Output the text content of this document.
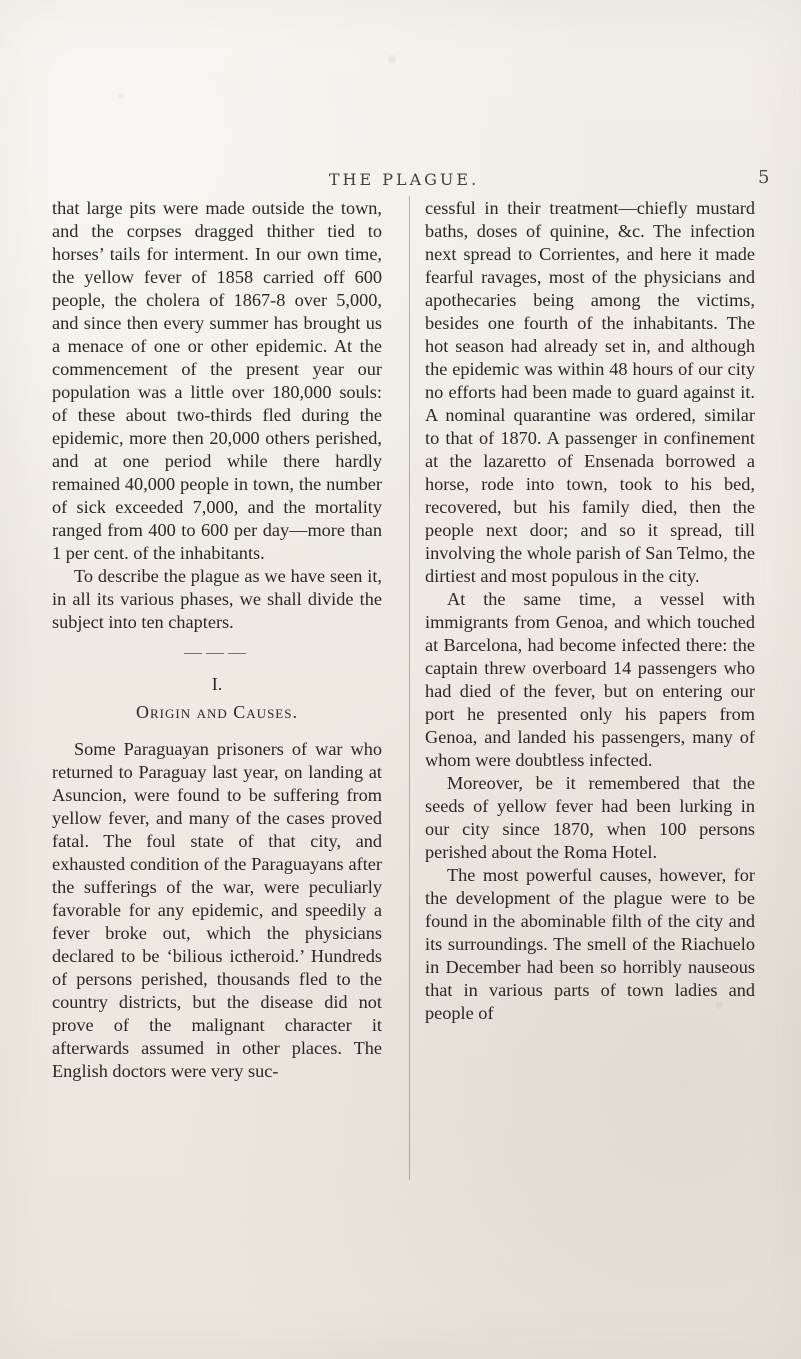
THE PLAGUE.	5

that large pits were made outside the town, and the corpses dragged thither tied to horses’ tails for interment. In our own time, the yellow fever of 1858 carried off 600 people, the cholera of 1867-8 over 5,000, and since then every summer has brought us a menace of one or other epidemic. At the commencement of the present year our population was a little over 180,000 souls: of these about two-thirds fled during the epidemic, more then 20,000 others perished, and at one period while there hardly remained 40,000 people in town, the number of sick exceeded 7,000, and the mortality ranged from 400 to 600 per day—more than 1 per cent. of the inhabitants.

To describe the plague as we have seen it, in all its various phases, we shall divide the subject into ten chapters.

———
I.
Origin and Causes.

Some Paraguayan prisoners of war who returned to Paraguay last year, on landing at Asuncion, were found to be suffering from yellow fever, and many of the cases proved fatal. The foul state of that city, and exhausted condition of the Paraguayans after the sufferings of the war, were peculiarly favorable for any epidemic, and speedily a fever broke out, which the physicians declared to be ‘bilious ictheroid.’ Hundreds of persons perished, thousands fled to the country districts, but the disease did not prove of the malignant character it afterwards assumed in other places. The English doctors were very suc-

cessful in their treatment—chiefly mustard baths, doses of quinine, &c. The infection next spread to Corrientes, and here it made fearful ravages, most of the physicians and apothecaries being among the victims, besides one fourth of the inhabitants. The hot season had already set in, and although the epidemic was within 48 hours of our city no efforts had been made to guard against it. A nominal quarantine was ordered, similar to that of 1870. A passenger in confinement at the lazaretto of Ensenada borrowed a horse, rode into town, took to his bed, recovered, but his family died, then the people next door; and so it spread, till involving the whole parish of San Telmo, the dirtiest and most populous in the city.

At the same time, a vessel with immigrants from Genoa, and which touched at Barcelona, had become infected there: the captain threw overboard 14 passengers who had died of the fever, but on entering our port he presented only his papers from Genoa, and landed his passengers, many of whom were doubtless infected.

Moreover, be it remembered that the seeds of yellow fever had been lurking in our city since 1870, when 100 persons perished about the Roma Hotel.

The most powerful causes, however, for the development of the plague were to be found in the abominable filth of the city and its surroundings. The smell of the Riachuelo in December had been so horribly nauseous that in various parts of town ladies and people of
